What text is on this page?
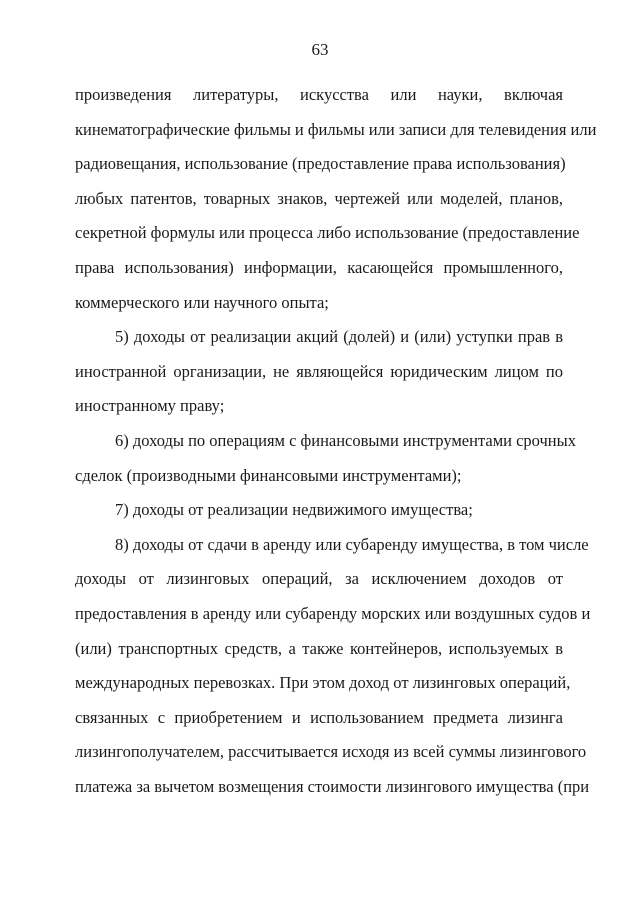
63
произведения литературы, искусства или науки, включая
кинематографические фильмы и фильмы или записи для телевидения или
радиовещания, использование (предоставление права использования)
любых патентов, товарных знаков, чертежей или моделей, планов,
секретной формулы или процесса либо использование (предоставление
права использования) информации, касающейся промышленного,
коммерческого или научного опыта;
5) доходы от реализации акций (долей) и (или) уступки прав в
иностранной организации, не являющейся юридическим лицом по
иностранному праву;
6) доходы по операциям с финансовыми инструментами срочных
сделок (производными финансовыми инструментами);
7) доходы от реализации недвижимого имущества;
8) доходы от сдачи в аренду или субаренду имущества, в том числе
доходы от лизинговых операций, за исключением доходов от
предоставления в аренду или субаренду морских или воздушных судов и
(или) транспортных средств, а также контейнеров, используемых в
международных перевозках. При этом доход от лизинговых операций,
связанных с приобретением и использованием предмета лизинга
лизингополучателем, рассчитывается исходя из всей суммы лизингового
платежа за вычетом возмещения стоимости лизингового имущества (при
